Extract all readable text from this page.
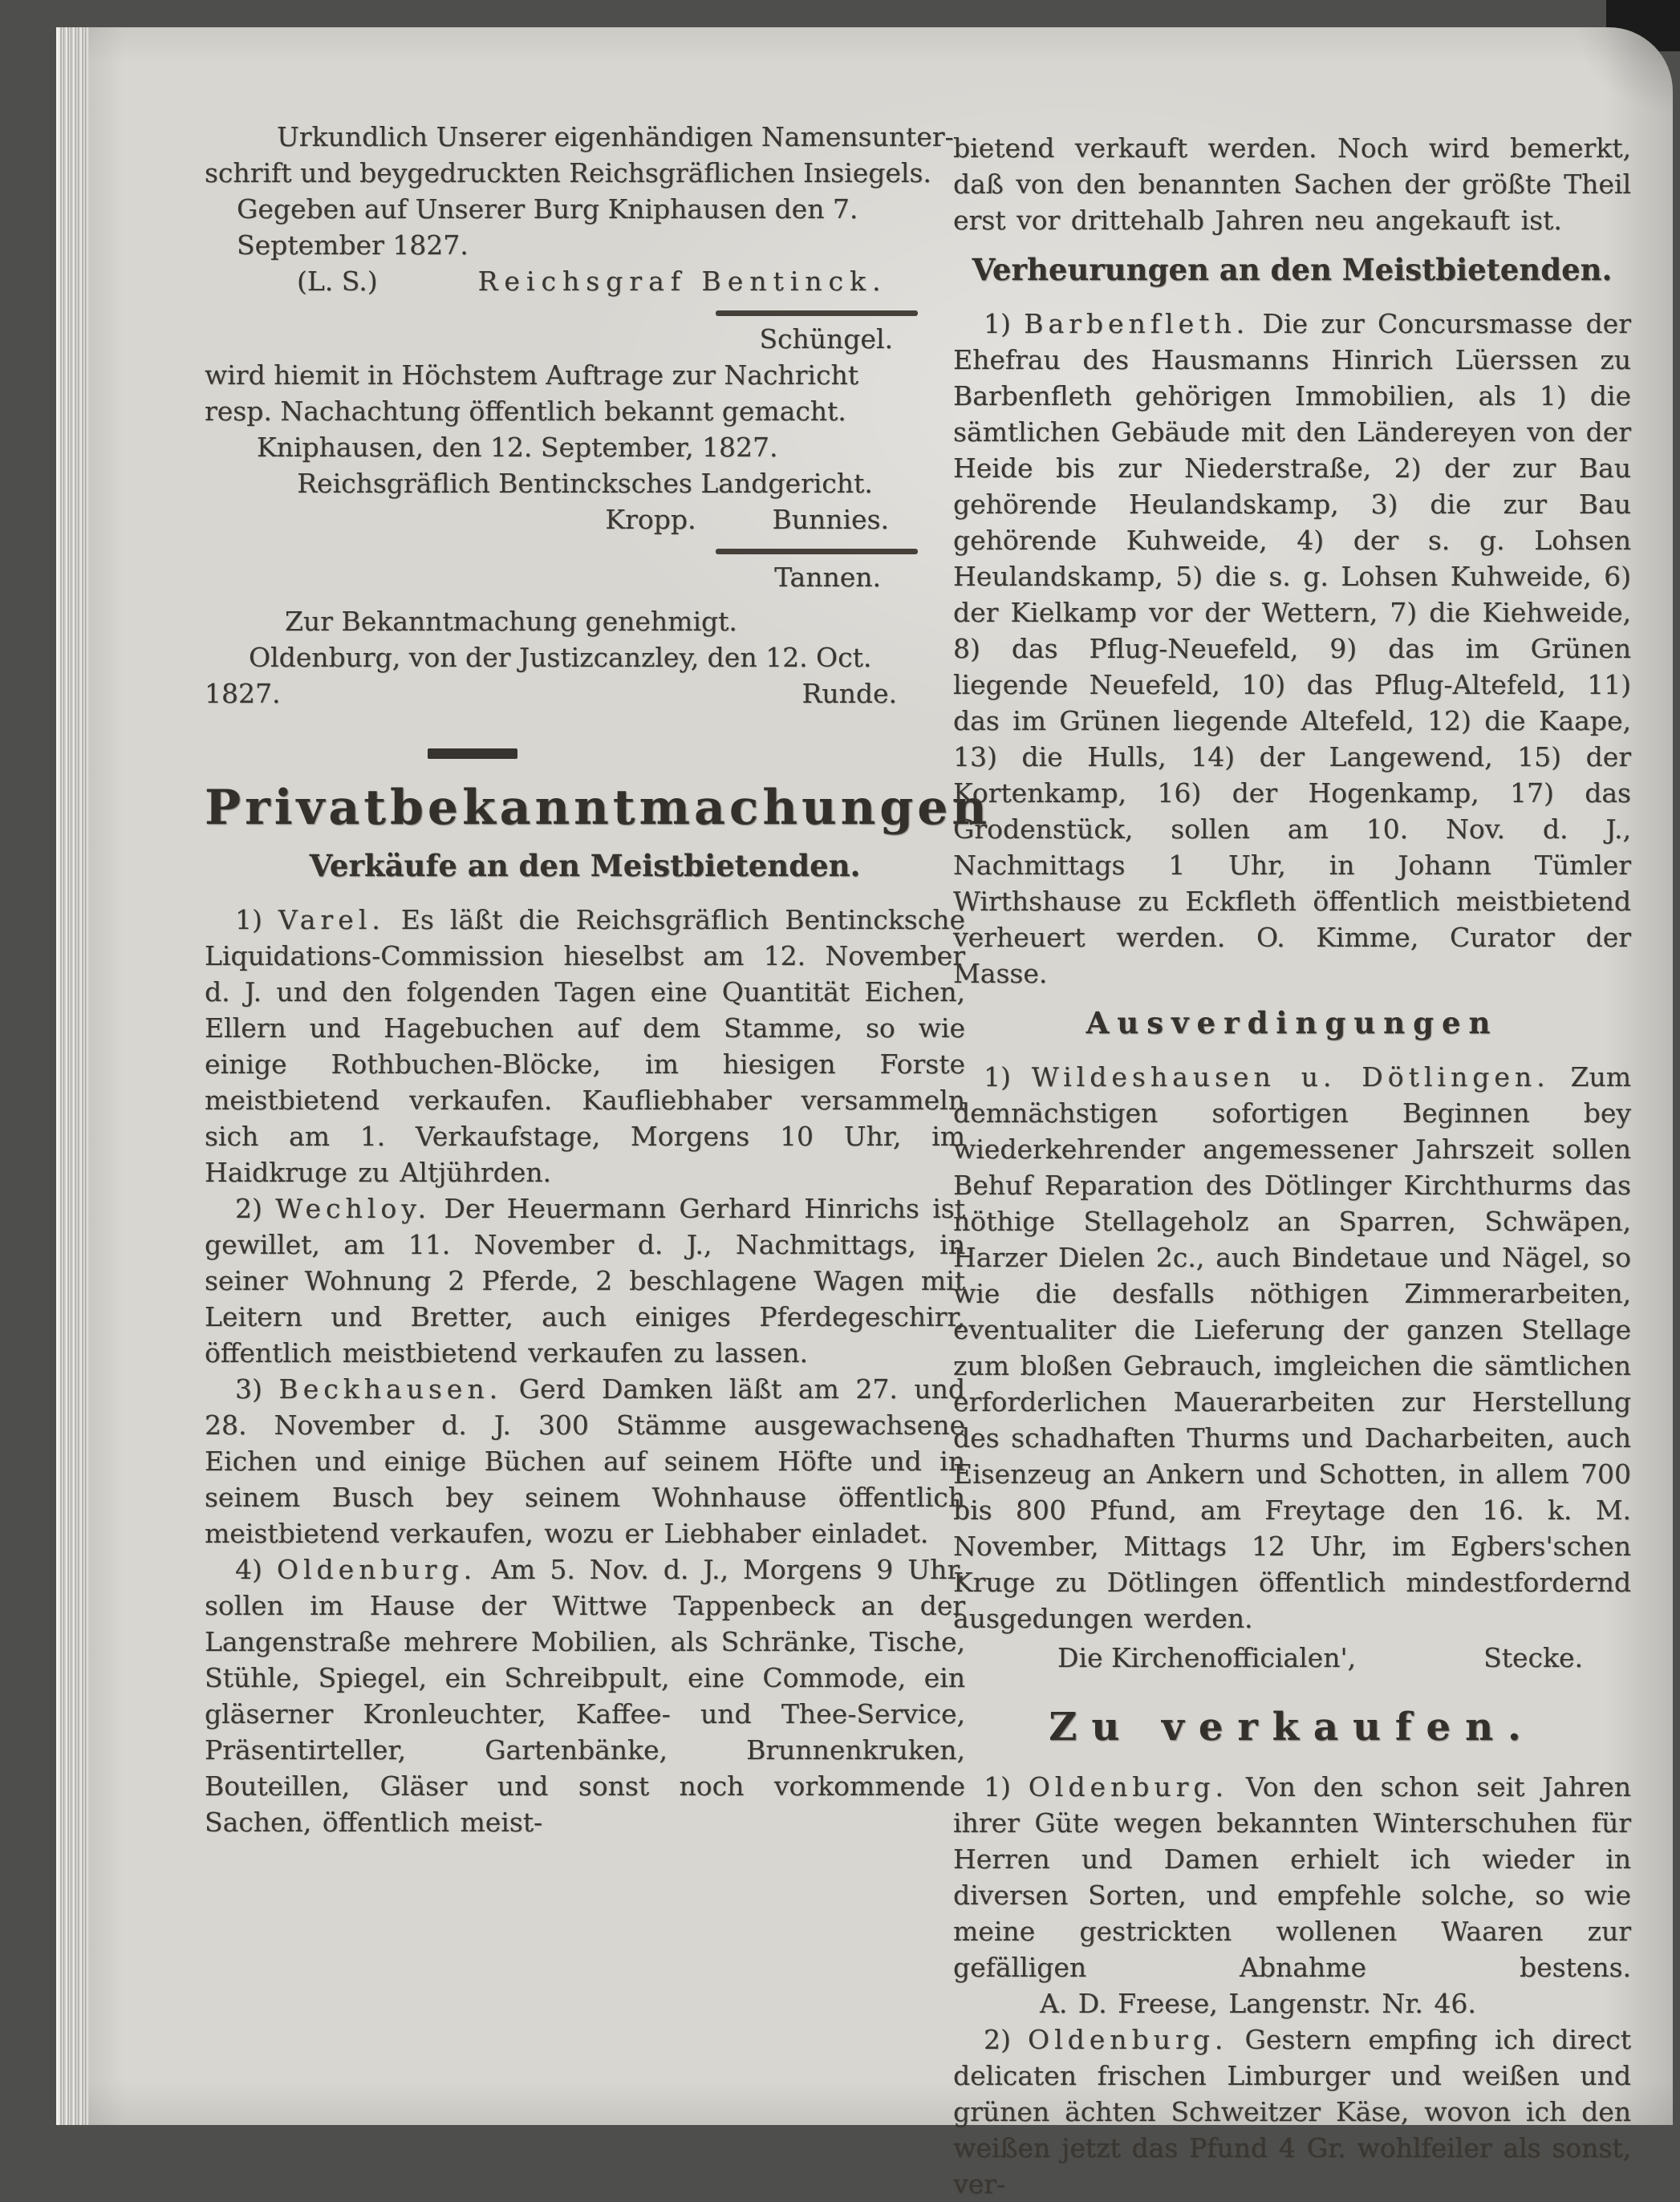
Urkundlich Unserer eigenhändigen Namensunter-

schrift und beygedruckten Reichsgräflichen Insiegels.

Gegeben auf Unserer Burg Kniphausen den 7.

September 1827.

(L. S.)	Reichsgraf Bentinck.

Schüngel.

wird hiemit in Höchstem Auftrage zur Nachricht

resp. Nachachtung öffentlich bekannt gemacht.

Kniphausen, den 12. September, 1827.

Reichsgräflich Bentincksches Landgericht.

Kropp.	Bunnies.

Tannen.

Zur Bekanntmachung genehmigt.

Oldenburg, von der Justizcanzley, den 12. Oct.

1827.	Runde.
Privatbekanntmachungen
Verkäufe an den Meistbietenden.

1) Varel. Es läßt die Reichsgräflich Bentincksche Liquidations-Commission hieselbst am 12. November d. J. und den folgenden Tagen eine Quantität Eichen, Ellern und Hagebuchen auf dem Stamme, so wie einige Rothbuchen-Blöcke, im hiesigen Forste meistbietend verkaufen. Kaufliebhaber versammeln sich am 1. Verkaufstage, Morgens 10 Uhr, im Haidkruge zu Altjührden.

2) Wechloy. Der Heuermann Gerhard Hinrichs ist gewillet, am 11. November d. J., Nachmittags, in seiner Wohnung 2 Pferde, 2 beschlagene Wagen mit Leitern und Bretter, auch einiges Pferdegeschirr, öffentlich meistbietend verkaufen zu lassen.

3) Beckhausen. Gerd Damken läßt am 27. und 28. November d. J. 300 Stämme ausgewachsene Eichen und einige Büchen auf seinem Höfte und in seinem Busch bey seinem Wohnhause öffentlich meistbietend verkaufen, wozu er Liebhaber einladet.

4) Oldenburg. Am 5. Nov. d. J., Morgens 9 Uhr, sollen im Hause der Wittwe Tappenbeck an der Langenstraße mehrere Mobilien, als Schränke, Tische, Stühle, Spiegel, ein Schreibpult, eine Commode, ein gläserner Kronleuchter, Kaffee- und Thee-Service, Präsentirteller, Gartenbänke, Brunnenkruken, Bouteillen, Gläser und sonst noch vorkommende Sachen, öffentlich meist-

bietend verkauft werden. Noch wird bemerkt, daß von den benannten Sachen der größte Theil erst vor drittehalb Jahren neu angekauft ist.

Verheurungen an den Meistbietenden.

1) Barbenfleth. Die zur Concursmasse der Ehefrau des Hausmanns Hinrich Lüerssen zu Barbenfleth gehörigen Immobilien, als 1) die sämtlichen Gebäude mit den Ländereyen von der Heide bis zur Niederstraße, 2) der zur Bau gehörende Heulandskamp, 3) die zur Bau gehörende Kuhweide, 4) der s. g. Lohsen Heulandskamp, 5) die s. g. Lohsen Kuhweide, 6) der Kielkamp vor der Wettern, 7) die Kiehweide, 8) das Pflug-Neuefeld, 9) das im Grünen liegende Neuefeld, 10) das Pflug-Altefeld, 11) das im Grünen liegende Altefeld, 12) die Kaape, 13) die Hulls, 14) der Langewend, 15) der Kortenkamp, 16) der Hogenkamp, 17) das Grodenstück, sollen am 10. Nov. d. J., Nachmittags 1 Uhr, in Johann Tümler Wirthshause zu Eckfleth öffentlich meistbietend verheuert werden. O. Kimme, Curator der Masse.

Ausverdingungen

1) Wildeshausen u. Dötlingen. Zum demnächstigen sofortigen Beginnen bey wiederkehrender angemessener Jahrszeit sollen Behuf Reparation des Dötlinger Kirchthurms das nöthige Stellageholz an Sparren, Schwäpen, Harzer Dielen 2c., auch Bindetaue und Nägel, so wie die desfalls nöthigen Zimmerarbeiten, eventualiter die Lieferung der ganzen Stellage zum bloßen Gebrauch, imgleichen die sämtlichen erforderlichen Mauerarbeiten zur Herstellung des schadhaften Thurms und Dacharbeiten, auch Eisenzeug an Ankern und Schotten, in allem 700 bis 800 Pfund, am Freytage den 16. k. M. November, Mittags 12 Uhr, im Egbers'schen Kruge zu Dötlingen öffentlich mindestfordernd ausgedungen werden.

Die Kirchenofficialen',	Stecke.
Zu verkaufen.

1) Oldenburg. Von den schon seit Jahren ihrer Güte wegen bekannten Winterschuhen für Herren und Damen erhielt ich wieder in diversen Sorten, und empfehle solche, so wie meine gestrickten wollenen Waaren zur gefälligen Abnahme bestens. A. D. Freese, Langenstr. Nr. 46.

2) Oldenburg. Gestern empfing ich direct delicaten frischen Limburger und weißen und grünen ächten Schweitzer Käse, wovon ich den weißen jetzt das Pfund 4 Gr. wohlfeiler als sonst, ver-
